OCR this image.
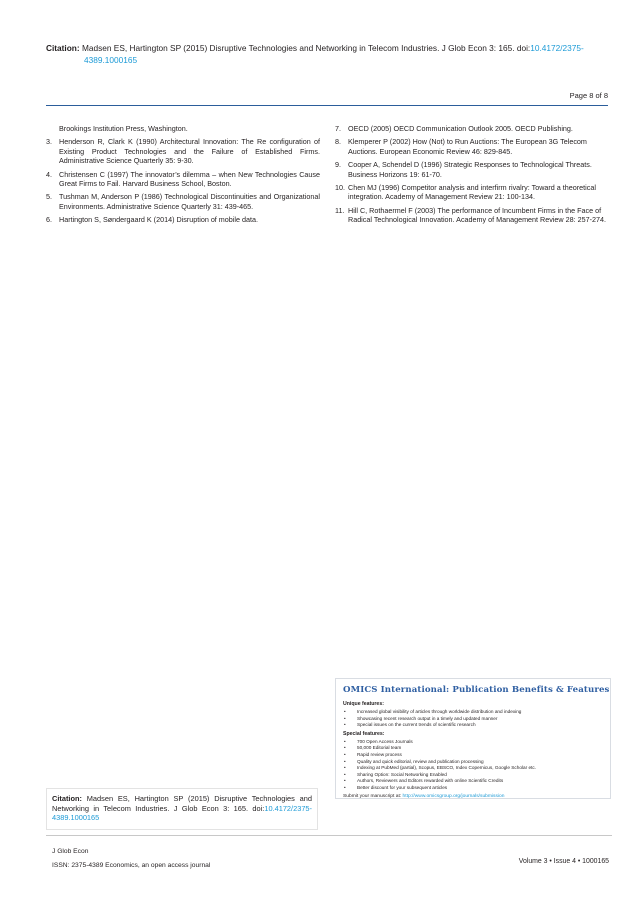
Citation: Madsen ES, Hartington SP (2015) Disruptive Technologies and Networking in Telecom Industries. J Glob Econ 3: 165. doi:10.4172/2375-
4389.1000165
Page 8 of 8
Brookings Institution Press, Washington.
3. Henderson R, Clark K (1990) Architectural Innovation: The Re configuration of Existing Product Technologies and the Failure of Established Firms. Administrative Science Quarterly 35: 9-30.
4. Christensen C (1997) The innovator’s dilemma – when New Technologies Cause Great Firms to Fail. Harvard Business School, Boston.
5. Tushman M, Anderson P (1986) Technological Discontinuities and Organizational Environments. Administrative Science Quarterly 31: 439-465.
6. Hartington S, Søndergaard K (2014) Disruption of mobile data.
7. OECD (2005) OECD Communication Outlook 2005. OECD Publishing.
8. Klemperer P (2002) How (Not) to Run Auctions: The European 3G Telecom Auctions. European Economic Review 46: 829-845.
9. Cooper A, Schendel D (1996) Strategic Responses to Technological Threats. Business Horizons 19: 61-70.
10. Chen MJ (1996) Competitor analysis and interfirm rivalry: Toward a theoretical integration. Academy of Management Review 21: 100-134.
11. Hill C, Rothaermel F (2003) The performance of Incumbent Firms in the Face of Radical Technological Innovation. Academy of Management Review 28: 257-274.
OMICS International: Publication Benefits & Features
Unique features:
• Increased global visibility of articles through worldwide distribution and indexing
• Showcasing recent research output in a timely and updated manner
• Special issues on the current trends of scientific research
Special features:
• 700 Open Access Journals
• 50,000 Editorial team
• Rapid review process
• Quality and quick editorial, review and publication processing
• Indexing at PubMed (partial), Scopus, EBSCO, Index Copernicus, Google Scholar etc.
• Sharing Option: Social Networking Enabled
• Authors, Reviewers and Editors rewarded with online Scientific Credits
• Better discount for your subsequent articles
Submit your manuscript at: http://www.omicsgroup.org/journals/submission
Citation: Madsen ES, Hartington SP (2015) Disruptive Technologies and Networking in Telecom Industries. J Glob Econ 3: 165. doi:10.4172/2375-4389.1000165
J Glob Econ
ISSN: 2375-4389 Economics, an open access journal
Volume 3 • Issue 4 • 1000165
